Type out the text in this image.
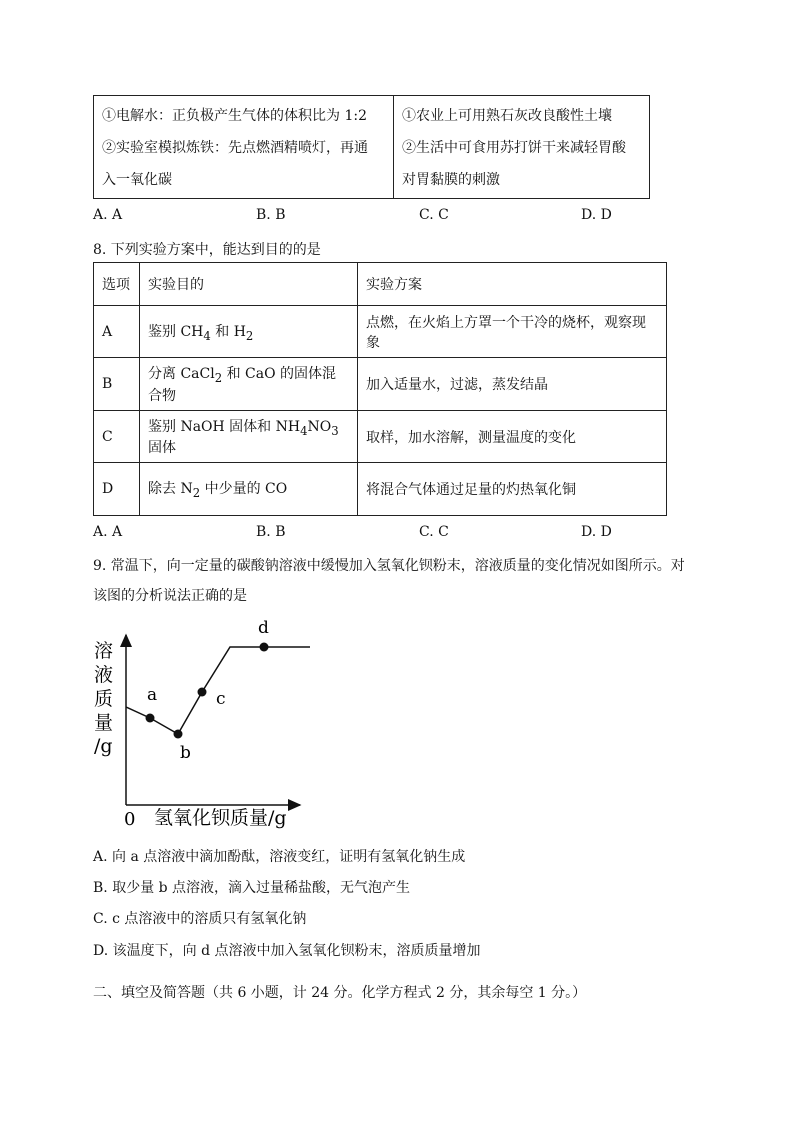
①电解水：正负极产生气体的体积比为 1:2
②实验室模拟炼铁：先点燃酒精喷灯，再通
入一氧化碳

①农业上可用熟石灰改良酸性土壤
②生活中可食用苏打饼干来减轻胃酸
对胃黏膜的刺激
A. A	B. B	C. C	D. D
8. 下列实验方案中，能达到目的的是
选项	实验目的	实验方案
A	鉴别 $CH_4$ 和 $H_2$	点燃，在火焰上方罩一个干冷的烧杯，观察现象
B	分离 CaCl$_2$ 和 CaO 的固体混合物	加入适量水，过滤，蒸发结晶
C	鉴别 NaOH 固体和 $NH_4NO_3$ 固体	取样，加水溶解，测量温度的变化
D	除去 $N_2$ 中少量的 CO	将混合气体通过足量的灼热氧化铜
A. A	B. B	C. C	D. D
9. 常温下，向一定量的碳酸钠溶液中缓慢加入氢氧化钡粉末，溶液质量的变化情况如图所示。对
该图的分析说法正确的是
a
b
c
d
溶
液
质
量
/g
0 氢氧化钡质量/g
A. 向 a 点溶液中滴加酚酞，溶液变红，证明有氢氧化钠生成
B. 取少量 b 点溶液，滴入过量稀盐酸，无气泡产生
C. c 点溶液中的溶质只有氢氧化钠
D. 该温度下，向 d 点溶液中加入氢氧化钡粉末，溶质质量增加
二、填空及简答题（共 6 小题，计 24 分。化学方程式 2 分，其余每空 1 分。）
